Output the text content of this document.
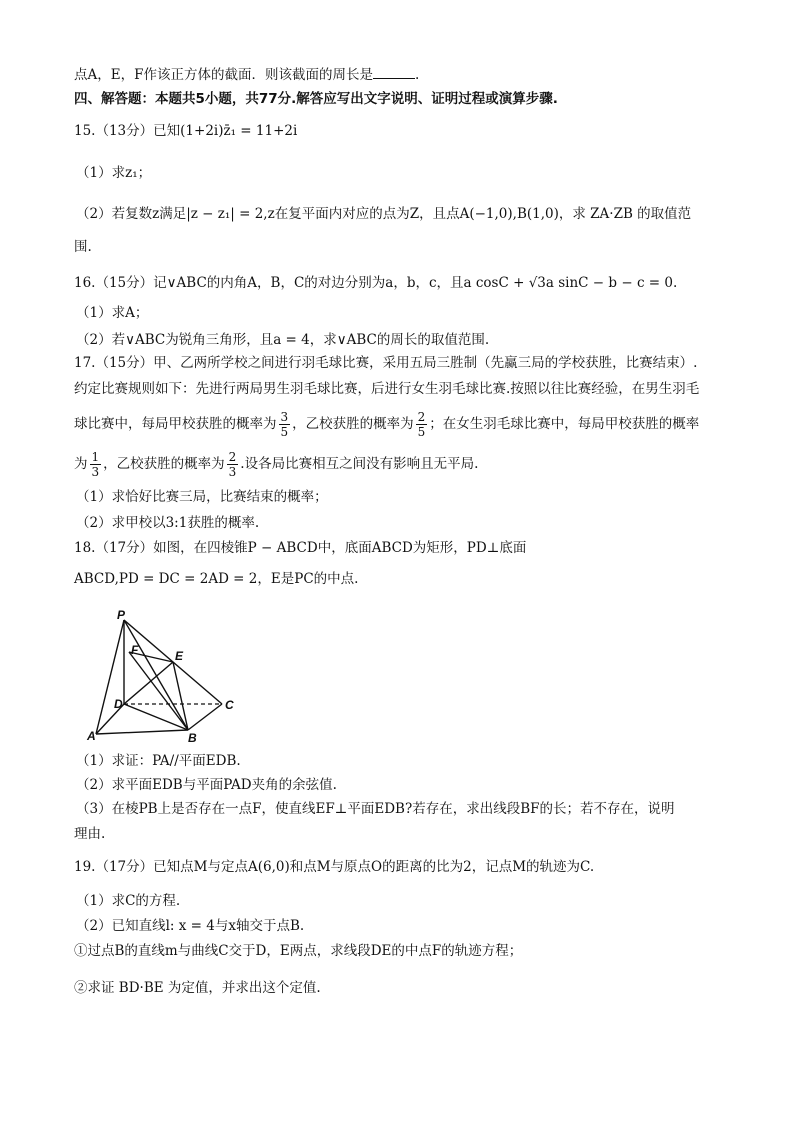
点A，E，F作该正方体的截面．则该截面的周长是	.
四、解答题：本题共5小题，共77分.解答应写出文字说明、证明过程或演算步骤.
15.（13分）已知(1+2i)z̄₁ = 11+2i
（1）求z₁；
（2）若复数z满足|z − z₁| = 2,z在复平面内对应的点为Z，且点A(−1,0),B(1,0)，求 ZA·ZB 的取值范
围.
16.（15分）记∨ABC的内角A，B，C的对边分别为a，b，c，且a cosC + √3a sinC − b − c = 0.
（1）求A；
（2）若∨ABC为锐角三角形，且a = 4，求∨ABC的周长的取值范围.
17.（15分）甲、乙两所学校之间进行羽毛球比赛，采用五局三胜制（先赢三局的学校获胜，比赛结束）.
约定比赛规则如下：先进行两局男生羽毛球比赛，后进行女生羽毛球比赛.按照以往比赛经验，在男生羽毛
球比赛中，每局甲校获胜的概率为 $\frac{3}{5}$ ，乙校获胜的概率为 $\frac{2}{5}$ ；在女生羽毛球比赛中，每局甲校获胜的概率
为 $\frac{1}{3}$ ，乙校获胜的概率为 $\frac{2}{3}$ .设各局比赛相互之间没有影响且无平局.
（1）求恰好比赛三局，比赛结束的概率；
（2）求甲校以3:1获胜的概率.
18.（17分）如图，在四棱锥P − ABCD中，底面ABCD为矩形，PD⊥底面
ABCD,PD = DC = 2AD = 2，E是PC的中点.
P
F	E
D	C
A	B
（1）求证：PA//平面EDB.
（2）求平面EDB与平面PAD夹角的余弦值.
（3）在棱PB上是否存在一点F，使直线EF⊥平面EDB?若存在，求出线段BF的长；若不存在，说明
理由.
19.（17分）已知点M与定点A(6,0)和点M与原点O的距离的比为2，记点M的轨迹为C.
（1）求C的方程.
（2）已知直线l: x = 4与x轴交于点B.
①过点B的直线m与曲线C交于D，E两点，求线段DE的中点F的轨迹方程；
②求证 BD·BE 为定值，并求出这个定值.
